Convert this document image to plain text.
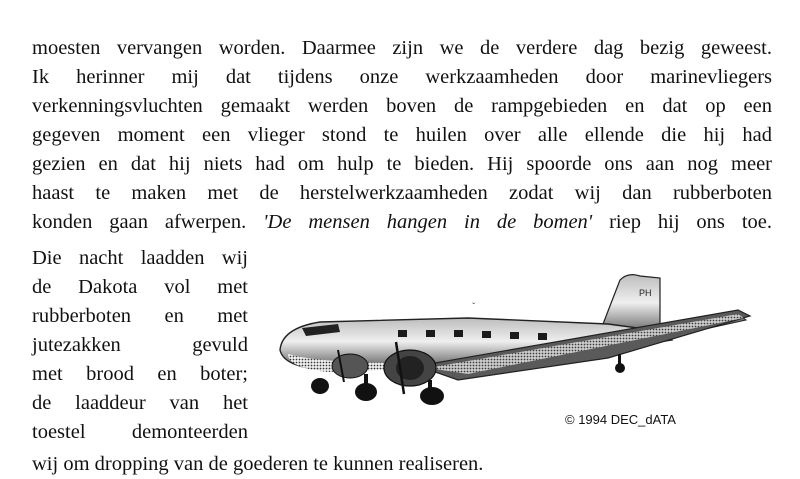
moesten vervangen worden. Daarmee zijn we de verdere dag bezig geweest.
Ik herinner mij dat tijdens onze werkzaamheden door marinevliegers
verkenningsvluchten gemaakt werden boven de rampgebieden en dat op een
gegeven moment een vlieger stond te huilen over alle ellende die hij had
gezien en dat hij niets had om hulp te bieden. Hij spoorde ons aan nog meer
haast te maken met de herstelwerkzaamheden zodat wij dan rubberboten
konden gaan afwerpen. 'De mensen hangen in de bomen' riep hij ons toe.
Die nacht laadden wij
de Dakota vol met
rubberboten en met
jutezakken gevuld
met brood en boter;
de laaddeur van het
toestel demonteerden
wij om dropping van de goederen te kunnen realiseren.
PH
© 1994 DEC_dATA
ˇ
